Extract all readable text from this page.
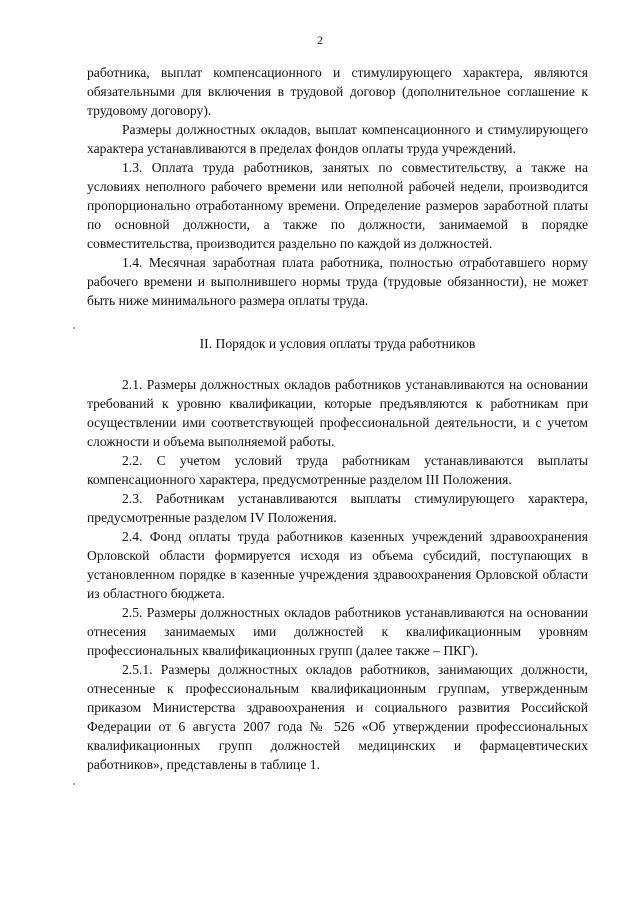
2

работника, выплат компенсационного и стимулирующего характера, являются обязательными для включения в трудовой договор (дополнительное соглашение к трудовому договору).

Размеры должностных окладов, выплат компенсационного и стимулирующего характера устанавливаются в пределах фондов оплаты труда учреждений.

1.3. Оплата труда работников, занятых по совместительству, а также на условиях неполного рабочего времени или неполной рабочей недели, производится пропорционально отработанному времени. Определение размеров заработной платы по основной должности, а также по должности, занимаемой в порядке совместительства, производится раздельно по каждой из должностей.

1.4. Месячная заработная плата работника, полностью отработавшего норму рабочего времени и выполнившего нормы труда (трудовые обязанности), не может быть ниже минимального размера оплаты труда.

II. Порядок и условия оплаты труда работников

2.1. Размеры должностных окладов работников устанавливаются на основании требований к уровню квалификации, которые предъявляются к работникам при осуществлении ими соответствующей профессиональной деятельности, и с учетом сложности и объема выполняемой работы.

2.2. С учетом условий труда работникам устанавливаются выплаты компенсационного характера, предусмотренные разделом III Положения.

2.3. Работникам устанавливаются выплаты стимулирующего характера, предусмотренные разделом IV Положения.

2.4. Фонд оплаты труда работников казенных учреждений здравоохранения Орловской области формируется исходя из объема субсидий, поступающих в установленном порядке в казенные учреждения здравоохранения Орловской области из областного бюджета.

2.5. Размеры должностных окладов работников устанавливаются на основании отнесения занимаемых ими должностей к квалификационным уровням профессиональных квалификационных групп (далее также – ПКГ).

2.5.1. Размеры должностных окладов работников, занимающих должности, отнесенные к профессиональным квалификационным группам, утвержденным приказом Министерства здравоохранения и социального развития Российской Федерации от 6 августа 2007 года № 526 «Об утверждении профессиональных квалификационных групп должностей медицинских и фармацевтических работников», представлены в таблице 1.
